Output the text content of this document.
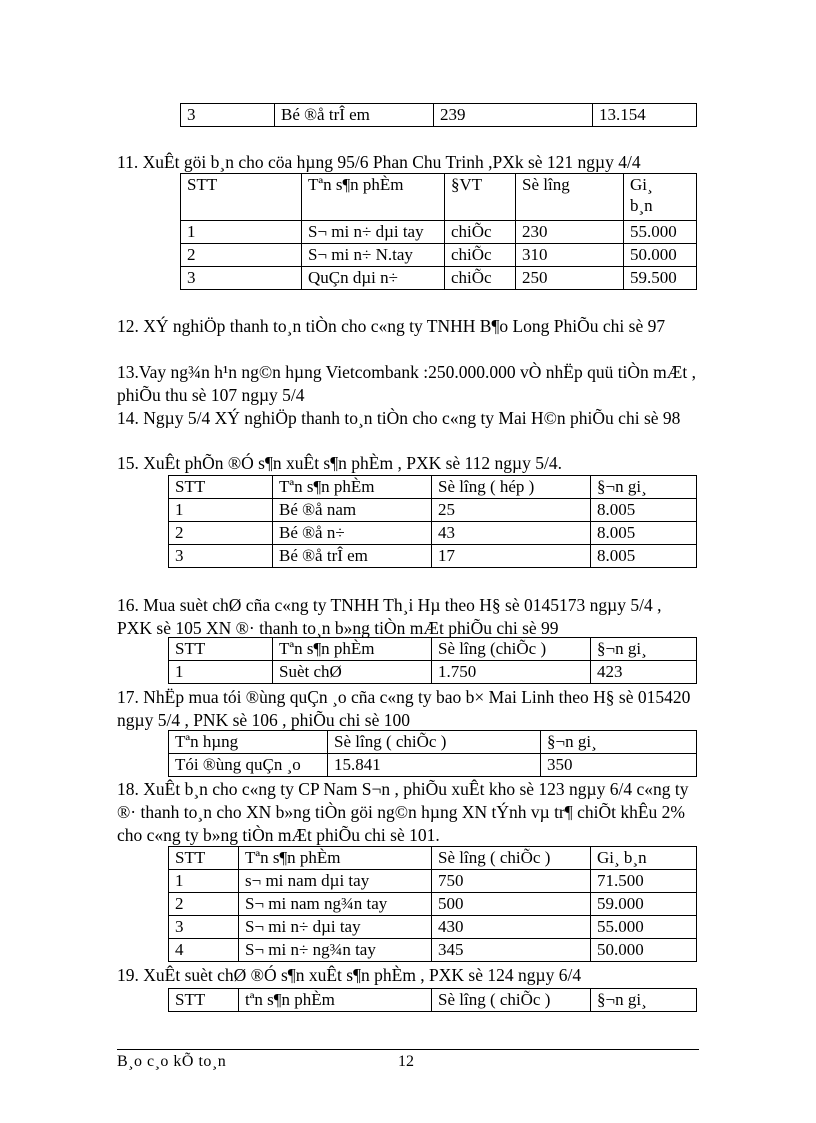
3	Bé ®å trÎ em	239	13.154

11. XuÊt göi b¸n cho cöa hµng 95/6 Phan Chu Trinh ,PXk sè 121 ngµy 4/4

STT	Tªn s¶n phÈm	§VT	Sè lîng	Gi¸
b¸n
1	S¬ mi n÷ dµi tay	chiÕc	230	55.000
2	S¬ mi n÷ N.tay	chiÕc	310	50.000
3	QuÇn dµi n÷	chiÕc	250	59.500

12. XÝ nghiÖp thanh to¸n tiÒn cho c«ng ty TNHH B¶o Long PhiÕu chi sè 97

13.Vay ng¾n h¹n ng©n hµng Vietcombank :250.000.000 vÒ nhËp quü tiÒn mÆt , phiÕu thu sè 107 ngµy 5/4

14. Ngµy 5/4 XÝ nghiÖp thanh to¸n tiÒn cho c«ng ty Mai H©n phiÕu chi sè 98

15. XuÊt phÕn ®Ó s¶n xuÊt s¶n phÈm , PXK sè 112 ngµy 5/4.

STT	Tªn s¶n phÈm	Sè lîng ( hép )	§¬n gi¸
1	Bé ®å nam	25	8.005
2	Bé ®å n÷	43	8.005
3	Bé ®å trÎ em	17	8.005

16. Mua suèt chØ cña c«ng ty TNHH Th¸i Hµ theo H§ sè 0145173 ngµy 5/4 , PXK sè 105 XN ®· thanh to¸n b»ng tiÒn mÆt phiÕu chi sè 99

STT	Tªn s¶n phÈm	Sè lîng (chiÕc )	§¬n gi¸
1	Suèt chØ	1.750	423

17. NhËp mua tói ®ùng quÇn ¸o cña c«ng ty bao b× Mai Linh theo H§ sè 015420 ngµy 5/4 , PNK sè 106 , phiÕu chi sè 100

Tªn hµng	Sè lîng ( chiÕc )	§¬n gi¸
Tói ®ùng quÇn ¸o	15.841	350

18. XuÊt b¸n cho c«ng ty CP Nam S¬n , phiÕu xuÊt kho sè 123 ngµy 6/4 c«ng ty ®· thanh to¸n cho XN b»ng tiÒn göi ng©n hµng XN tÝnh vµ tr¶ chiÕt khÊu 2% cho c«ng ty b»ng tiÒn mÆt phiÕu chi sè 101.

STT	Tªn s¶n phÈm	Sè lîng ( chiÕc )	Gi¸ b¸n
1	s¬ mi nam dµi tay	750	71.500
2	S¬ mi nam ng¾n tay	500	59.000
3	S¬ mi n÷ dµi tay	430	55.000
4	S¬ mi n÷ ng¾n tay	345	50.000

19. XuÊt suèt chØ ®Ó s¶n xuÊt s¶n phÈm , PXK sè 124 ngµy 6/4

STT	tªn s¶n phÈm	Sè lîng ( chiÕc )	§¬n gi¸
B¸o c¸o kÕ to¸n	12
